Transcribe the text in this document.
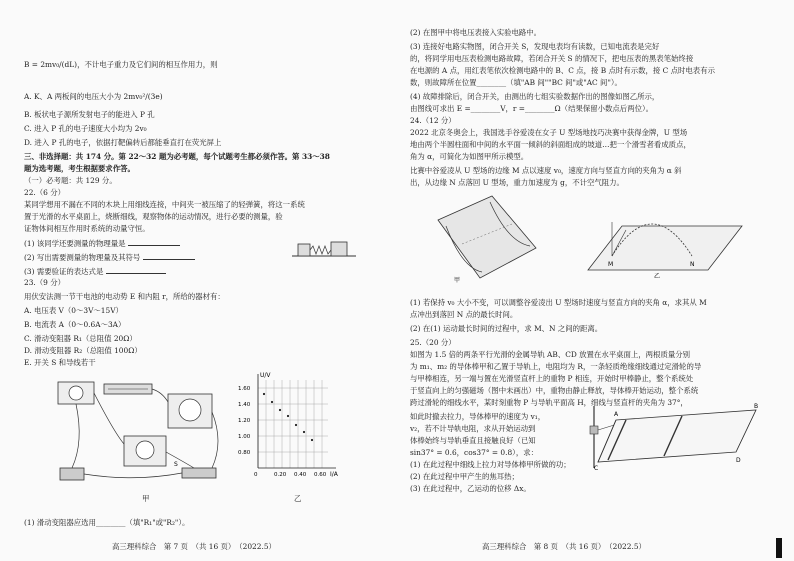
B = 2mv₀/(dL)，不计电子重力及它们间的相互作用力，则
A. K、A 两板间的电压大小为 2mv₀²/(3e)
B. 板状电子源所发射电子的能进入 P 孔
C. 进入 P 孔的电子速度大小均为 2v₀
D. 进入 P 孔的电子，依据打靶偏转后都能垂直打在荧光屏上
三、非选择题：共 174 分。第 22～32 题为必考题，每个试题考生都必须作答。第 33～38
题为选考题，考生根据要求作答。
（一）必考题：共 129 分。
22.（6 分）
某同学想用不漏在不同的木块上用细线连接，中间夹一被压缩了的轻弹簧，将这一系统
置于光滑的水平桌面上，烧断细线，观察物体的运动情况，进行必要的测量，验
证物体间相互作用时系统的动量守恒。
(1) 该同学还要测量的物理量是
(2) 写出需要测量的物理量及其符号
(3) 需要验证的表达式是
23.（9 分）
用伏安法测一节干电池的电动势 E 和内阻 r，所给的器材有：
A. 电压表 V（0～3V～15V）
B. 电流表 A（0～0.6A～3A）
C. 滑动变阻器 R₁（总阻值 20Ω）
D. 滑动变阻器 R₂（总阻值 100Ω）
E. 开关 S 和导线若干
(1) 滑动变阻器应选用________（填"R₁"或"R₂"）。
S
甲
U/V
I/A
1.60
1.40
1.20
1.00
0.80
0	0.20 0.40 0.60
乙
(2) 在图甲中将电压表接入实验电路中。
(3) 连接好电路实物图，闭合开关 S，发现电表均有读数，已知电流表是完好
的，将同学用电压表检测电路故障，若闭合开关 S 的情况下，把电压表的黑表笔始终接
在电源的 A 点，用红表笔依次检测电路中的 B、C 点，接 B 点时有示数，接 C 点时电表有示
数，则故障所在位置________（填"AB 间""BC 间"或"AC 间"）。
(4) 故障排除后，闭合开关，由测出的七组实验数据作出的图像如图乙所示，
由图线可求出 E =________V，r =________Ω（结果保留小数点后两位）。
24.（12 分）
2022 北京冬奥会上，我国选手谷爱凌在女子 U 型场地技巧决赛中获得金牌，U 型场
地由两个半圆柱面和中间的水平面一倾斜的斜面组成的坡道…把一个滑雪者看成质点，
角为 α，可简化为如图甲所示模型。
比赛中谷爱凌从 U 型场的边缘 M 点以速度 v₀，速度方向与竖直方向的夹角为 α 斜
出，从边缘 N 点落回 U 型场，重力加速度为 g，不计空气阻力。
甲
M	N
乙
(1) 若保持 v₀ 大小不变，可以调整谷爱凌出 U 型场时速度与竖直方向的夹角 α，求其从 M
点冲出到落回 N 点的最长时间。
(2) 在(1) 运动最长时间的过程中，求 M、N 之间的距离。
25.（20 分）
如图为 1.5 倍的两条平行光滑的金属导轨 AB、CD 放置在水平桌面上，两根质量分别
为 m₁、m₂ 的导体棒甲和乙置于导轨上，电阻均为 R，一条轻质绝缘细线通过定滑轮的导
与甲棒相连，另一端与置在光滑竖直杆上的重物 P 相连，开始时甲棒静止，整个系统处
于竖直向上的匀强磁场（图中未画出）中，重物由静止释放，导体棒开始运动，整个系统
跨过滑轮的细线水平，某时刻重物 P 与导轨平面高 H，细线与竖直杆的夹角为 37°，
如此时撤去拉力，导体棒甲的速度为 v₁，
v₂，若不计导轨电阻，求从开始运动到
体棒始终与导轨垂直且接触良好（已知
sin37° = 0.6，cos37° = 0.8），求：
(1) 在此过程中细线上拉力对导体棒甲所做的功；
(2) 在此过程中甲产生的焦耳热；
(3) 在此过程中，乙运动的位移 Δx。
A
B
C
D
高三理科综合　第 7 页　（共 16 页）　（2022.5）	高三理科综合　第 8 页　（共 16 页）　（2022.5）
